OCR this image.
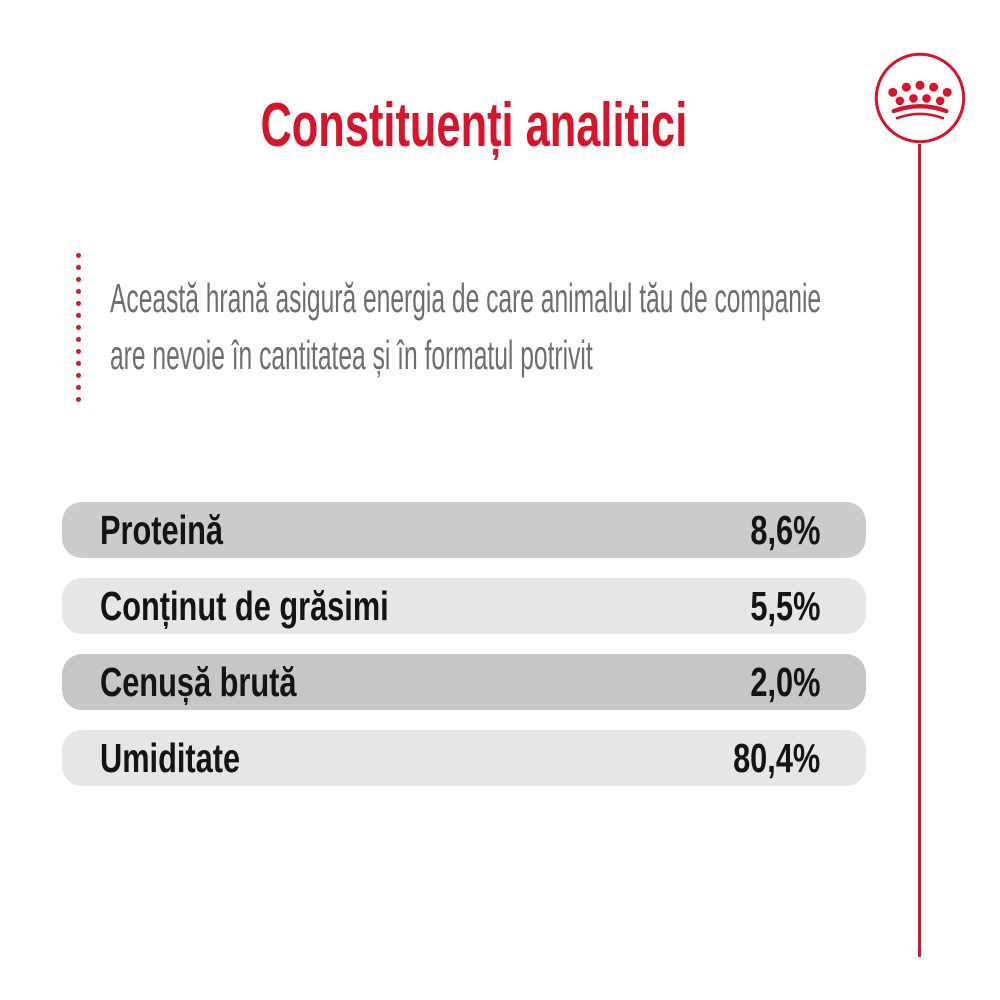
Constituenți analitici
Această hrană asigură energia de care animalul tău de companie
are nevoie în cantitatea și în formatul potrivit
Proteină	8,6%
Conținut de grăsimi	5,5%
Cenușă brută	2,0%
Umiditate	80,4%
